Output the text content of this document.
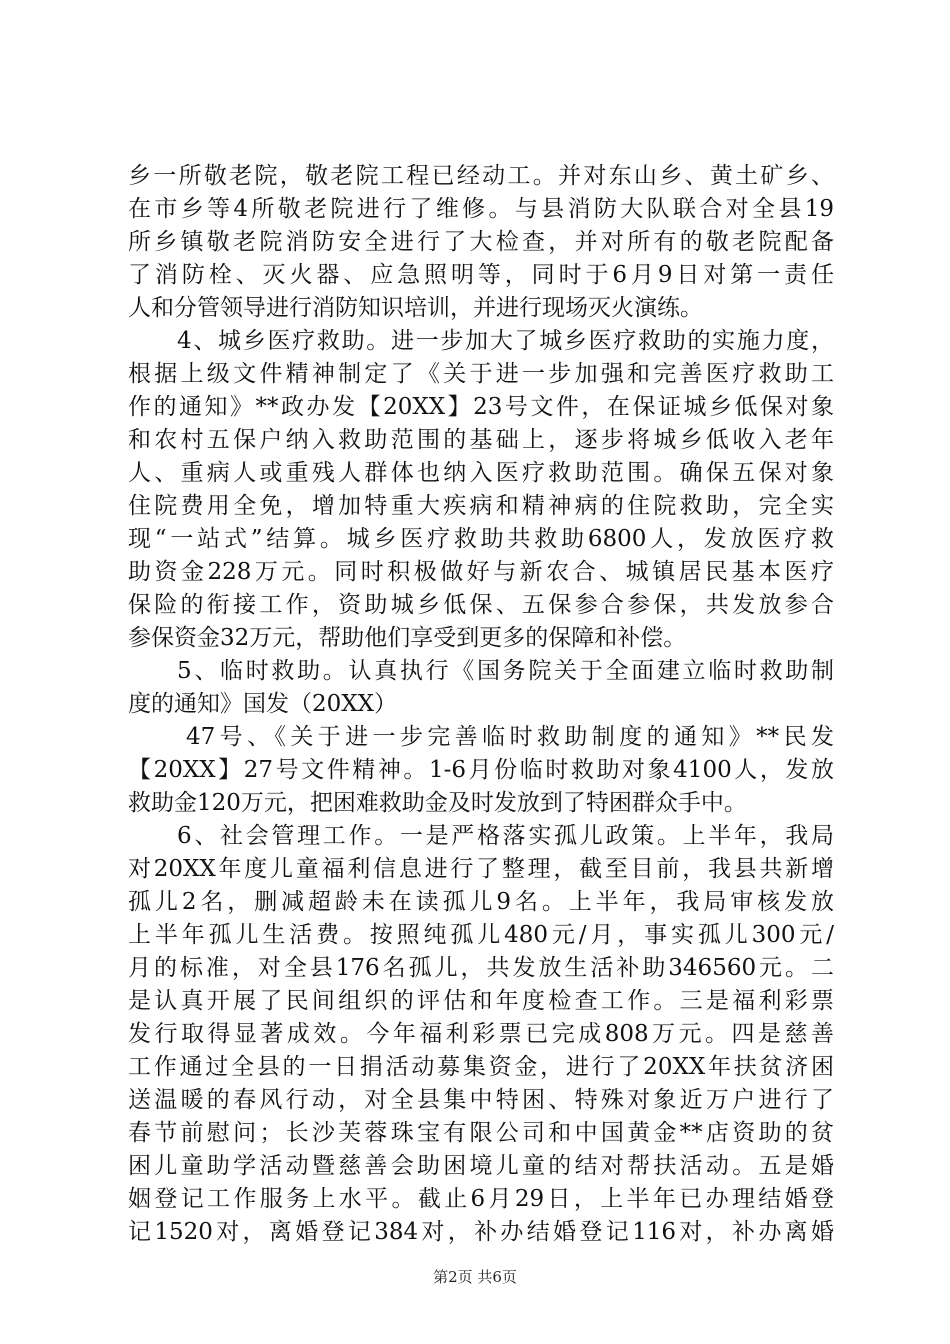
乡一所敬老院，敬老院工程已经动工。并对东山乡、黄土矿乡、
在市乡等4所敬老院进行了维修。与县消防大队联合对全县19
所乡镇敬老院消防安全进行了大检查，并对所有的敬老院配备
了消防栓、灭火器、应急照明等，同时于6月9日对第一责任
人和分管领导进行消防知识培训，并进行现场灭火演练。
4、城乡医疗救助。进一步加大了城乡医疗救助的实施力度，
根据上级文件精神制定了《关于进一步加强和完善医疗救助工
作的通知》**政办发【20XX】23号文件，在保证城乡低保对象
和农村五保户纳入救助范围的基础上，逐步将城乡低收入老年
人、重病人或重残人群体也纳入医疗救助范围。确保五保对象
住院费用全免，增加特重大疾病和精神病的住院救助，完全实
现“一站式”结算。城乡医疗救助共救助6800人，发放医疗救
助资金228万元。同时积极做好与新农合、城镇居民基本医疗
保险的衔接工作，资助城乡低保、五保参合参保，共发放参合
参保资金32万元，帮助他们享受到更多的保障和补偿。
5、临时救助。认真执行《国务院关于全面建立临时救助制
度的通知》国发（20XX）
47号、《关于进一步完善临时救助制度的通知》**民发
【20XX】27号文件精神。1-6月份临时救助对象4100人，发放
救助金120万元，把困难救助金及时发放到了特困群众手中。
6、社会管理工作。一是严格落实孤儿政策。上半年，我局
对20XX年度儿童福利信息进行了整理，截至目前，我县共新增
孤儿2名，删减超龄未在读孤儿9名。上半年，我局审核发放
上半年孤儿生活费。按照纯孤儿480元/月，事实孤儿300元/
月的标准，对全县176名孤儿，共发放生活补助346560元。二
是认真开展了民间组织的评估和年度检查工作。三是福利彩票
发行取得显著成效。今年福利彩票已完成808万元。四是慈善
工作通过全县的一日捐活动募集资金，进行了20XX年扶贫济困
送温暖的春风行动，对全县集中特困、特殊对象近万户进行了
春节前慰问；长沙芙蓉珠宝有限公司和中国黄金**店资助的贫
困儿童助学活动暨慈善会助困境儿童的结对帮扶活动。五是婚
姻登记工作服务上水平。截止6月29日，上半年已办理结婚登
记1520对，离婚登记384对，补办结婚登记116对，补办离婚
第2页 共6页
